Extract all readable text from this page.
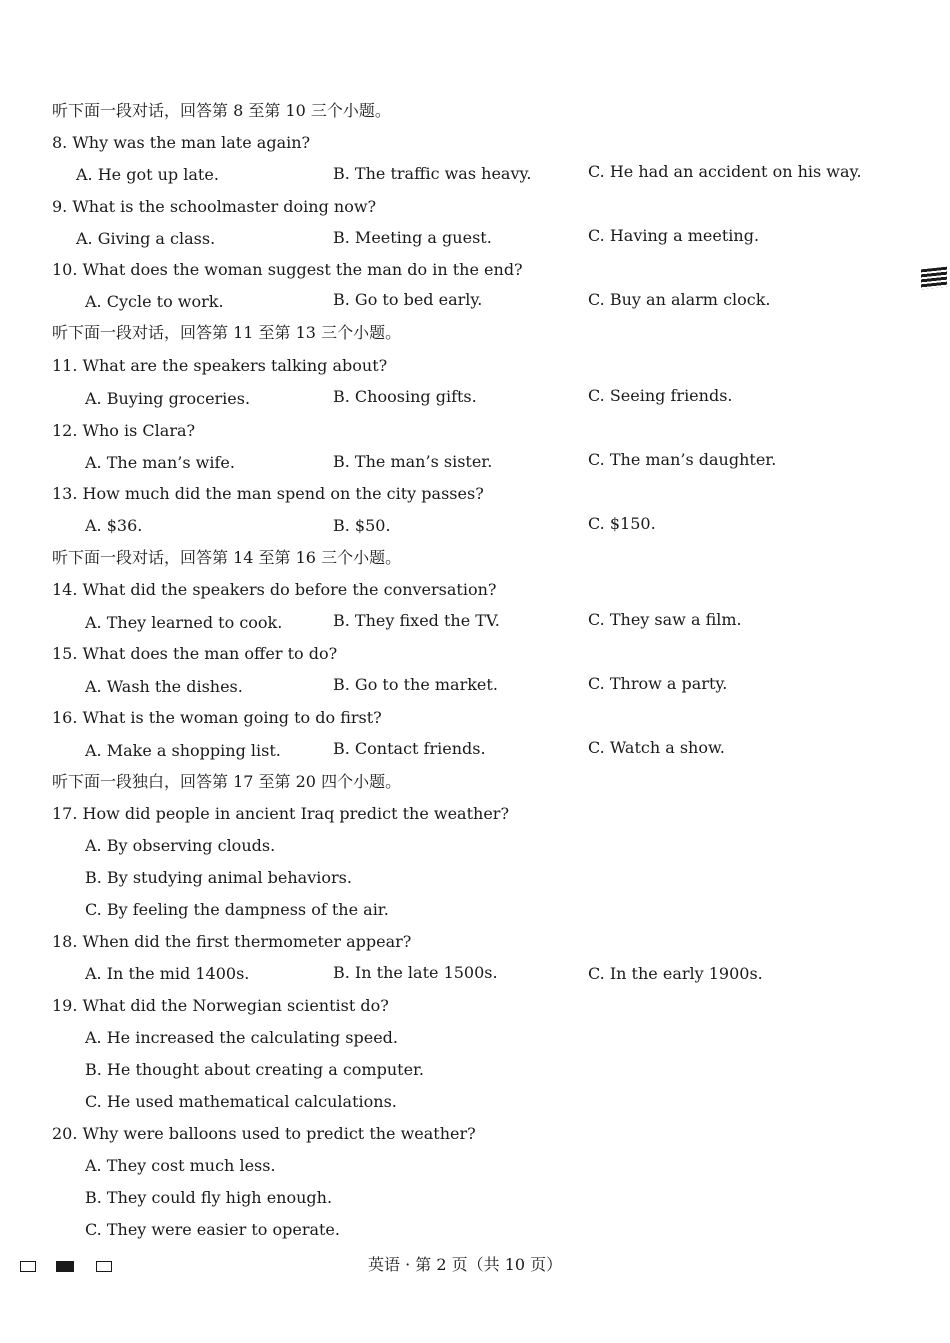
听下面一段对话，回答第 8 至第 10 三个小题。
8. Why was the man late again?
A. He got up late.	B. The traffic was heavy.	C. He had an accident on his way.
9. What is the schoolmaster doing now?
A. Giving a class.	B. Meeting a guest.	C. Having a meeting.
10. What does the woman suggest the man do in the end?
A. Cycle to work.	B. Go to bed early.	C. Buy an alarm clock.
听下面一段对话，回答第 11 至第 13 三个小题。
11. What are the speakers talking about?
A. Buying groceries.	B. Choosing gifts.	C. Seeing friends.
12. Who is Clara?
A. The man’s wife.	B. The man’s sister.	C. The man’s daughter.
13. How much did the man spend on the city passes?
A. $36.	B. $50.	C. $150.
听下面一段对话，回答第 14 至第 16 三个小题。
14. What did the speakers do before the conversation?
A. They learned to cook.	B. They fixed the TV.	C. They saw a film.
15. What does the man offer to do?
A. Wash the dishes.	B. Go to the market.	C. Throw a party.
16. What is the woman going to do first?
A. Make a shopping list.	B. Contact friends.	C. Watch a show.
听下面一段独白，回答第 17 至第 20 四个小题。
17. How did people in ancient Iraq predict the weather?
A. By observing clouds.
B. By studying animal behaviors.
C. By feeling the dampness of the air.
18. When did the first thermometer appear?
A. In the mid 1400s.	B. In the late 1500s.	C. In the early 1900s.
19. What did the Norwegian scientist do?
A. He increased the calculating speed.
B. He thought about creating a computer.
C. He used mathematical calculations.
20. Why were balloons used to predict the weather?
A. They cost much less.
B. They could fly high enough.
C. They were easier to operate.
英语 · 第 2 页（共 10 页）
